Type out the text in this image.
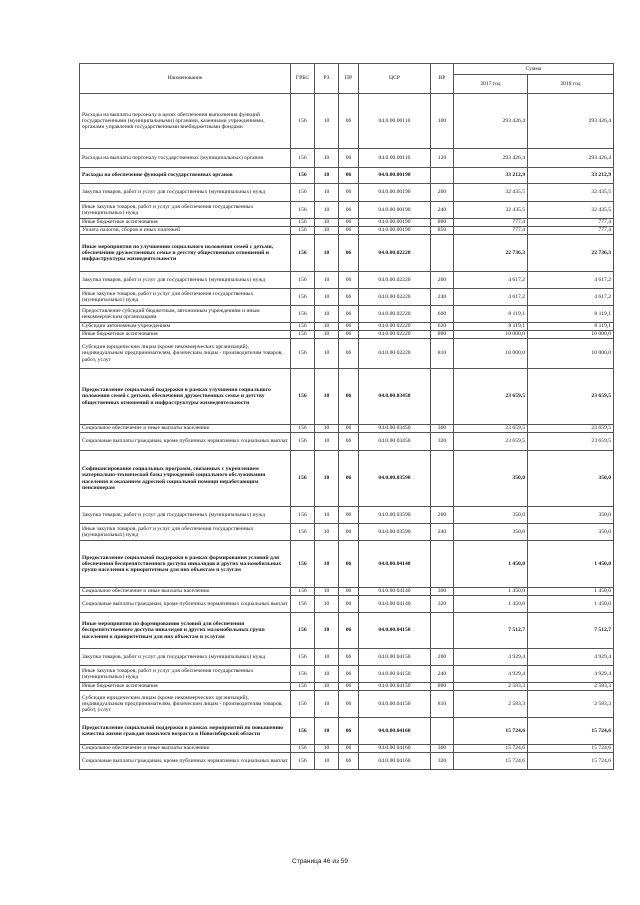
Наименование	ГРБС	РЗ	ПР	ЦСР	ВР	Сумма	
						2017 год	2018 год
Расходы на выплаты персоналу в целях обеспечения выполнения функций государственными (муниципальными) органами, казенными учреждениями, органами управления государственными внебюджетными фондами	156	10	06	04.0.00.00110	100	293 426,4	293 426,4
Расходы на выплаты персоналу государственных (муниципальных) органов	156	10	06	04.0.00.00110	120	293 426,4	293 426,4
Расходы на обеспечение функций государственных органов	156	10	06	04.0.00.00190		33 212,9	33 212,9
Закупка товаров, работ и услуг для государственных (муниципальных) нужд	156	10	06	04.0.00.00190	200	32 435,5	32 435,5
Иные закупки товаров, работ и услуг для обеспечения государственных (муниципальных) нужд	156	10	06	04.0.00.00190	240	32 435,5	32 435,5
Иные бюджетные ассигнования	156	10	06	04.0.00.00190	800	777,4	777,4
Уплата налогов, сборов и иных платежей	156	10	06	04.0.00.00190	850	777,4	777,4
Иные мероприятия по улучшению социального положения семей с детьми, обеспечению дружественных семье и детству общественных отношений и инфраструктуры жизнедеятельности	156	10	06	04.0.00.02220		22 736,3	22 736,3
Закупка товаров, работ и услуг для государственных (муниципальных) нужд	156	10	06	04.0.00.02220	200	4 617,2	4 617,2
Иные закупки товаров, работ и услуг для обеспечения государственных (муниципальных) нужд	156	10	06	04.0.00.02220	240	4 617,2	4 617,2
Предоставление субсидий бюджетным, автономным учреждениям и иным некоммерческим организациям	156	10	06	04.0.00.02220	600	8 119,1	8 119,1
Субсидии автономным учреждениям	156	10	06	04.0.00.02220	620	8 119,1	8 119,1
Иные бюджетные ассигнования	156	10	06	04.0.00.02220	800	10 000,0	10 000,0
Субсидии юридическим лицам (кроме некоммерческих организаций), индивидуальным предпринимателям, физическим лицам - производителям товаров, работ, услуг	156	10	06	04.0.00.02220	810	10 000,0	10 000,0
Предоставление социальной поддержки в рамках улучшения социального положения семей с детьми, обеспечения дружественных семье и детству общественных отношений и инфраструктуры жизнедеятельности	156	10	06	04.0.00.03450		23 659,5	23 659,5
Социальное обеспечение и иные выплаты населению	156	10	06	04.0.00.03450	300	23 659,5	23 659,5
Социальные выплаты гражданам, кроме публичных нормативных социальных выплат	156	10	06	04.0.00.03450	320	23 659,5	23 659,5
Софинансирование социальных программ, связанных с укреплением материально-технической базы учреждений социального обслуживания населения и оказанием адресной социальной помощи неработающим пенсионерам	156	10	06	04.0.00.03590		350,0	350,0
Закупка товаров, работ и услуг для государственных (муниципальных) нужд	156	10	06	04.0.00.03590	200	350,0	350,0
Иные закупки товаров, работ и услуг для обеспечения государственных (муниципальных) нужд	156	10	06	04.0.00.03590	240	350,0	350,0
Предоставление социальной поддержки в рамках формирования условий для обеспечения беспрепятственного доступа инвалидов и других маломобильных групп населения к приоритетным для них объектам и услугам	156	10	06	04.0.00.04140		1 450,0	1 450,0
Социальное обеспечение и иные выплаты населению	156	10	06	04.0.00.04140	300	1 450,0	1 450,0
Социальные выплаты гражданам, кроме публичных нормативных социальных выплат	156	10	06	04.0.00.04140	320	1 450,0	1 450,0
Иные мероприятия по формированию условий для обеспечения беспрепятственного доступа инвалидов и других маломобильных групп населения к приоритетным для них объектам и услугам	156	10	06	04.0.00.04150		7 512,7	7 512,7
Закупка товаров, работ и услуг для государственных (муниципальных) нужд	156	10	06	04.0.00.04150	200	4 929,4	4 929,4
Иные закупки товаров, работ и услуг для обеспечения государственных (муниципальных) нужд	156	10	06	04.0.00.04150	240	4 929,4	4 929,4
Иные бюджетные ассигнования	156	10	06	04.0.00.04150	800	2 583,3	2 583,3
Субсидии юридическим лицам (кроме некоммерческих организаций), индивидуальным предпринимателям, физическим лицам - производителям товаров, работ, услуг	156	10	06	04.0.00.04150	810	2 583,3	2 583,3
Предоставление социальной поддержки в рамках мероприятий по повышению качества жизни граждан пожилого возраста в Новосибирской области	156	10	06	04.0.00.04160		15 724,6	15 724,6
Социальное обеспечение и иные выплаты населению	156	10	06	04.0.00.04160	300	15 724,6	15 724,6
Социальные выплаты гражданам, кроме публичных нормативных социальных выплат	156	10	06	04.0.00.04160	320	15 724,6	15 724,6
Страница 46 из 59
